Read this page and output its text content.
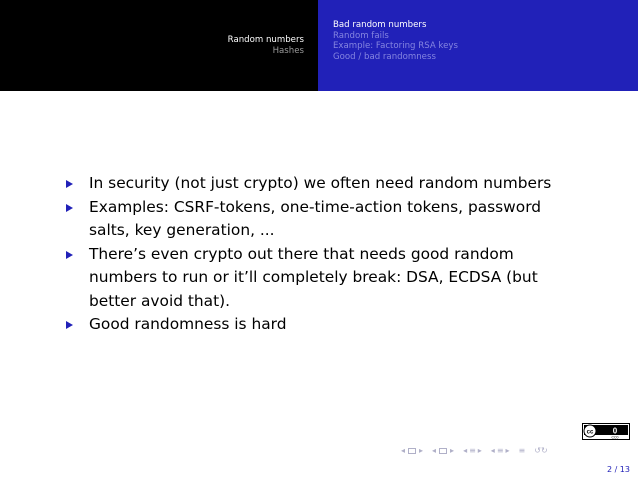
Random numbers
Hashes
Bad random numbers
Random fails
Example: Factoring RSA keys
Good / bad randomness
In security (not just crypto) we often need random numbers
Examples: CSRF-tokens, one-time-action tokens, password salts, key generation, ...
There’s even crypto out there that needs good random numbers to run or it’ll completely break: DSA, ECDSA (but better avoid that).
Good randomness is hard
cc 0
CC0
◂ ▸ ◂ ▸ ◂ ≡ ▸ ◂ ≡ ▸ ≡ ↺↻
2 / 13
